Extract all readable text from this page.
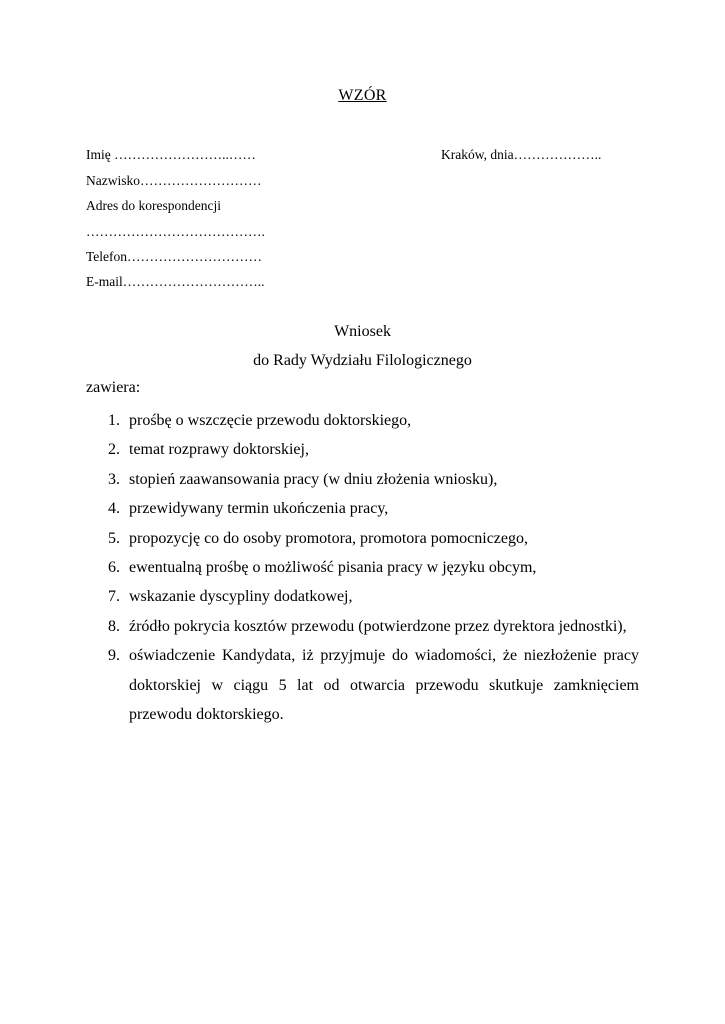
WZÓR
Imię ……………………..……	Kraków, dnia………………..
Nazwisko………………………
Adres do korespondencji
………………………………….
Telefon…………………………
E-mail…………………………..
Wniosek
do Rady Wydziału Filologicznego
zawiera:
1. prośbę o wszczęcie przewodu doktorskiego,
2. temat rozprawy doktorskiej,
3. stopień zaawansowania pracy (w dniu złożenia wniosku),
4. przewidywany termin ukończenia pracy,
5. propozycję co do osoby promotora, promotora pomocniczego,
6. ewentualną prośbę o możliwość pisania pracy w języku obcym,
7. wskazanie dyscypliny dodatkowej,
8. źródło pokrycia kosztów przewodu (potwierdzone przez dyrektora jednostki),
9. oświadczenie Kandydata, iż przyjmuje do wiadomości, że niezłożenie pracy doktorskiej w ciągu 5 lat od otwarcia przewodu skutkuje zamknięciem przewodu doktorskiego.
